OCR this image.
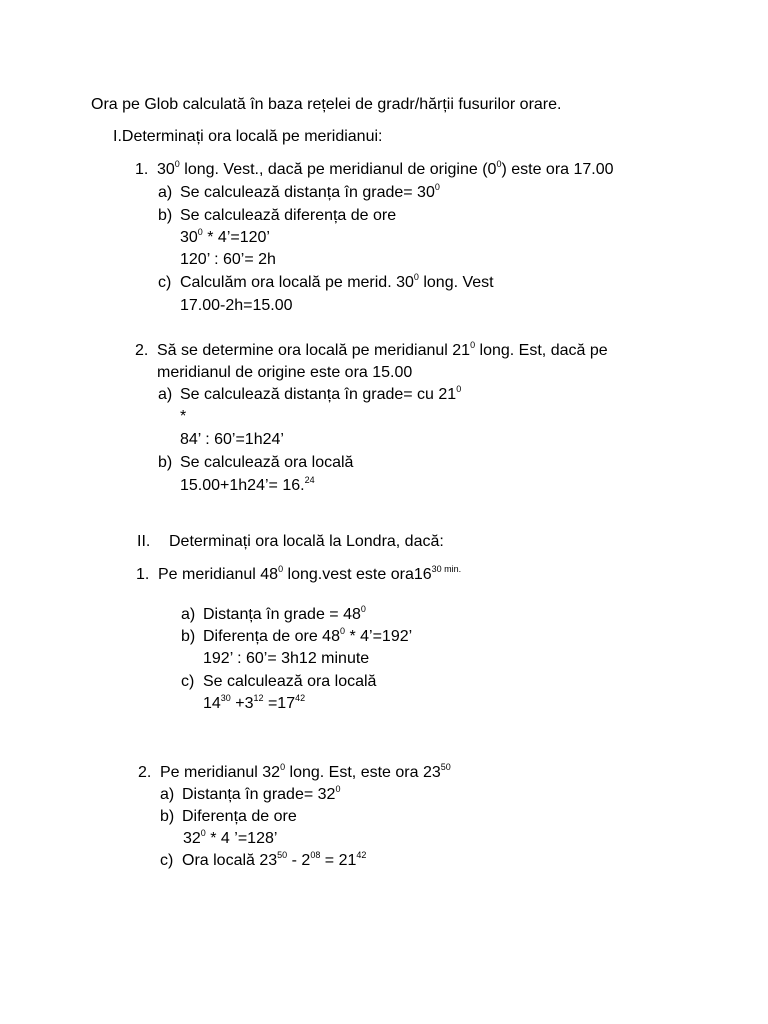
Ora pe Glob calculată în baza rețelei de gradr/hărții fusurilor orare.
I.Determinați ora locală pe meridianui:
1. $30^0$ long. Vest., dacă pe meridianul de origine $(0^0)$ este ora 17.00
a) Se calculează distanța în grade= $30^0$
b) Se calculează diferența de ore
$30^0$ * 4’=120’
120’ : 60’= 2h
c) Calculăm ora locală pe merid. $30^0$ long. Vest
17.00-2h=15.00
2. Să se determine ora locală pe meridianul $21^0$ long. Est, dacă pe
meridianul de origine este ora 15.00
a) Se calculează distanța în grade= cu $21^0$
*
84’ : 60’=1h24’
b) Se calculează ora locală
15.00+1h24’= 16.24
II. Determinați ora locală la Londra, dacă:
1. Pe meridianul $48^0$ long.vest este $ora16^{30 min.}$
a) Distanța în grade = $48^0$
b) Diferența de ore $48^0$ * 4’=192’
192’ : 60’= 3h12 minute
c) Se calculează ora locală
$14^{30} +3^{12} =17^{42}$
2. Pe meridianul $32^0$ long. Est, este ora $23^{50}$
a) Distanța în grade= $32^0$
b) Diferența de ore
$32^0 * 4$ ’=128’
c) Ora locală $23^{50} - 2^{08} = 21^{42}$
